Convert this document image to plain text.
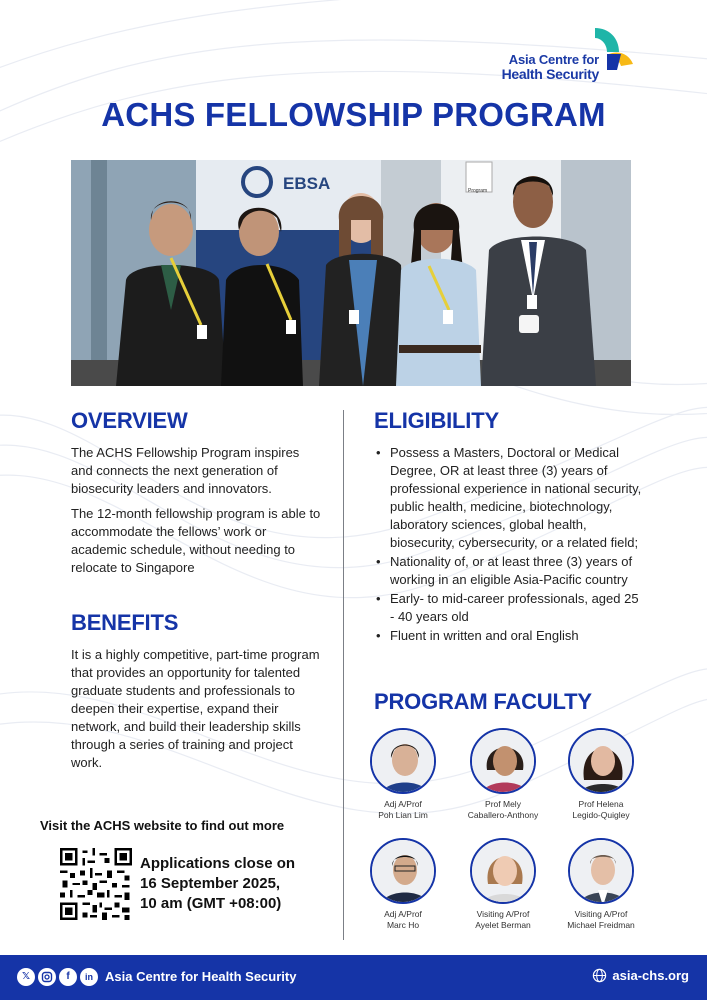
Asia Centre for
Health Security
ACHS FELLOWSHIP PROGRAM
EBSA	Program
OVERVIEW

The ACHS Fellowship Program inspires and connects the next generation of biosecurity leaders and innovators.

The 12-month fellowship program is able to accommodate the fellows’ work or academic schedule, without needing to relocate to Singapore

BENEFITS

It is a highly competitive, part-time program that provides an opportunity for talented graduate students and professionals to deepen their expertise, expand their network, and build their leadership skills through a series of training and project work.

ELIGIBILITY
• Possess a Masters, Doctoral or Medical Degree, OR at least three (3) years of professional experience in national security, public health, medicine, biotechnology, laboratory sciences, global health, biosecurity, cybersecurity, or a related field;
• Nationality of, or at least three (3) years of working in an eligible Asia-Pacific country
• Early- to mid-career professionals, aged 25 - 40 years old
• Fluent in written and oral English
PROGRAM FACULTY
Adj A/Prof
Poh Lian Lim
Prof Mely
Caballero-Anthony
Prof Helena
Legido-Quigley
Adj A/Prof
Marc Ho
Visiting A/Prof
Ayelet Berman
Visiting A/Prof
Michael Freidman
Visit the ACHS website to find out more
Applications close on
16 September 2025,
10 am (GMT +08:00)
𝕏	f	in Asia Centre for Health Security	asia-chs.org
